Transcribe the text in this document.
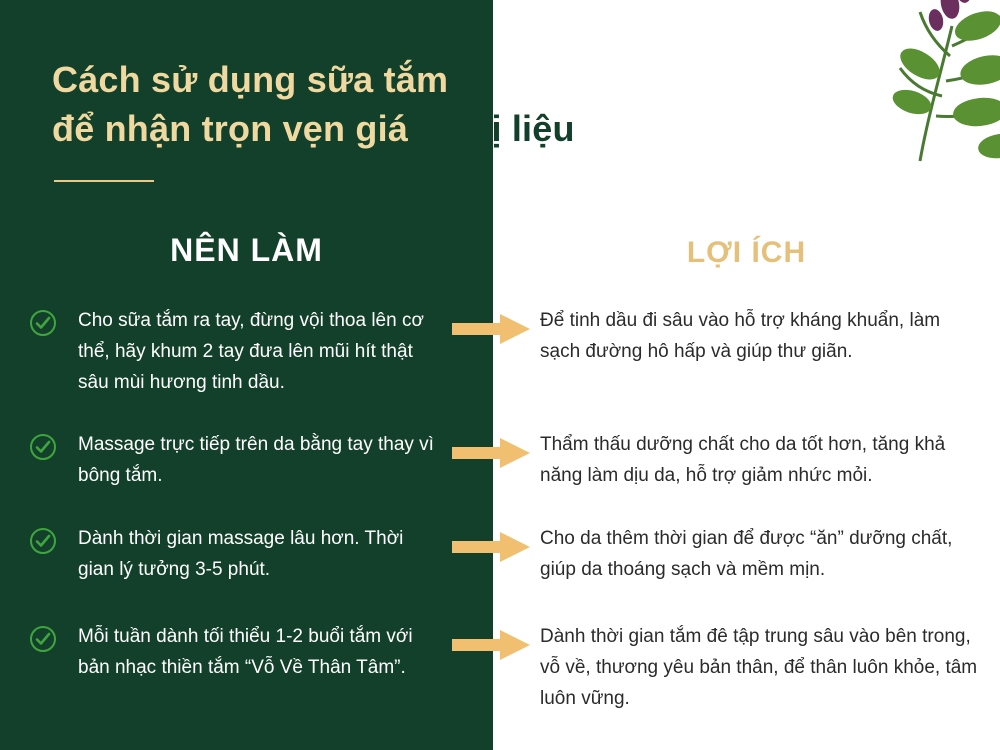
Cách sử dụng sữa tắm
để nhận trọn vẹn giá trị trị liệu
NÊN LÀM	LỢI ÍCH
Cho sữa tắm ra tay, đừng vội thoa lên cơ thể, hãy khum 2 tay đưa lên mũi hít thật sâu mùi hương tinh dầu.
Để tinh dầu đi sâu vào hỗ trợ kháng khuẩn, làm sạch đường hô hấp và giúp thư giãn.
Massage trực tiếp trên da bằng tay thay vì bông tắm.
Thẩm thấu dưỡng chất cho da tốt hơn, tăng khả năng làm dịu da, hỗ trợ giảm nhức mỏi.
Dành thời gian massage lâu hơn. Thời gian lý tưởng 3-5 phút.
Cho da thêm thời gian để được “ăn” dưỡng chất, giúp da thoáng sạch và mềm mịn.
Mỗi tuần dành tối thiểu 1-2 buổi tắm với bản nhạc thiền tắm “Vỗ Về Thân Tâm”.
Dành thời gian tắm đê tập trung sâu vào bên trong, vỗ về, thương yêu bản thân, để thân luôn khỏe, tâm luôn vững.
